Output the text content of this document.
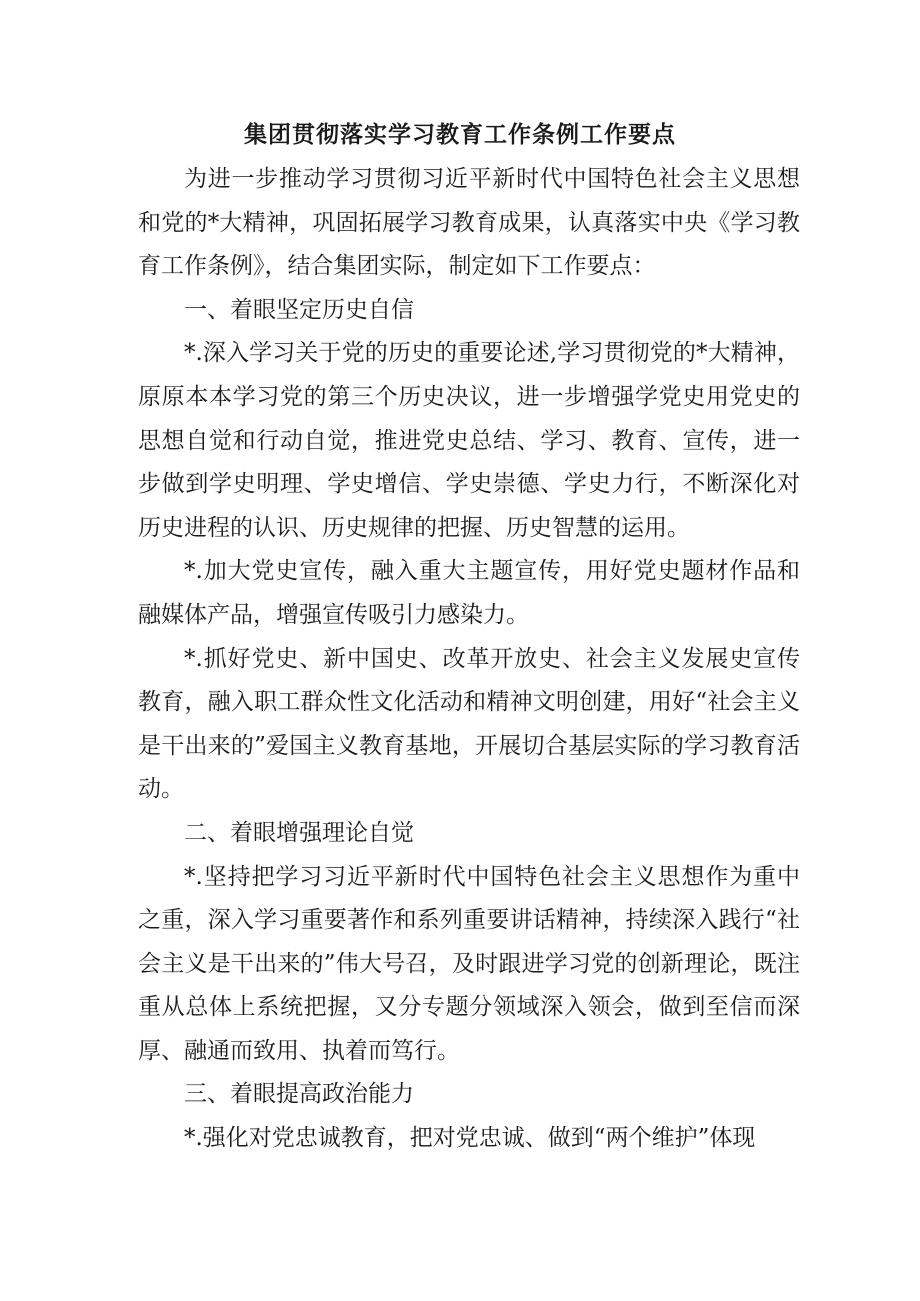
集团贯彻落实学习教育工作条例工作要点

为进一步推动学习贯彻习近平新时代中国特色社会主义思想和党的*大精神，巩固拓展学习教育成果，认真落实中央《学习教育工作条例》，结合集团实际，制定如下工作要点：

一、着眼坚定历史自信

*.深入学习关于党的历史的重要论述,学习贯彻党的*大精神，原原本本学习党的第三个历史决议，进一步增强学党史用党史的思想自觉和行动自觉，推进党史总结、学习、教育、宣传，进一步做到学史明理、学史增信、学史崇德、学史力行，不断深化对历史进程的认识、历史规律的把握、历史智慧的运用。

*.加大党史宣传，融入重大主题宣传，用好党史题材作品和融媒体产品，增强宣传吸引力感染力。

*.抓好党史、新中国史、改革开放史、社会主义发展史宣传教育，融入职工群众性文化活动和精神文明创建，用好“社会主义是干出来的”爱国主义教育基地，开展切合基层实际的学习教育活动。

二、着眼增强理论自觉

*.坚持把学习习近平新时代中国特色社会主义思想作为重中之重，深入学习重要著作和系列重要讲话精神，持续深入践行“社会主义是干出来的”伟大号召，及时跟进学习党的创新理论，既注重从总体上系统把握，又分专题分领域深入领会，做到至信而深厚、融通而致用、执着而笃行。

三、着眼提高政治能力

*.强化对党忠诚教育，把对党忠诚、做到“两个维护”体现
